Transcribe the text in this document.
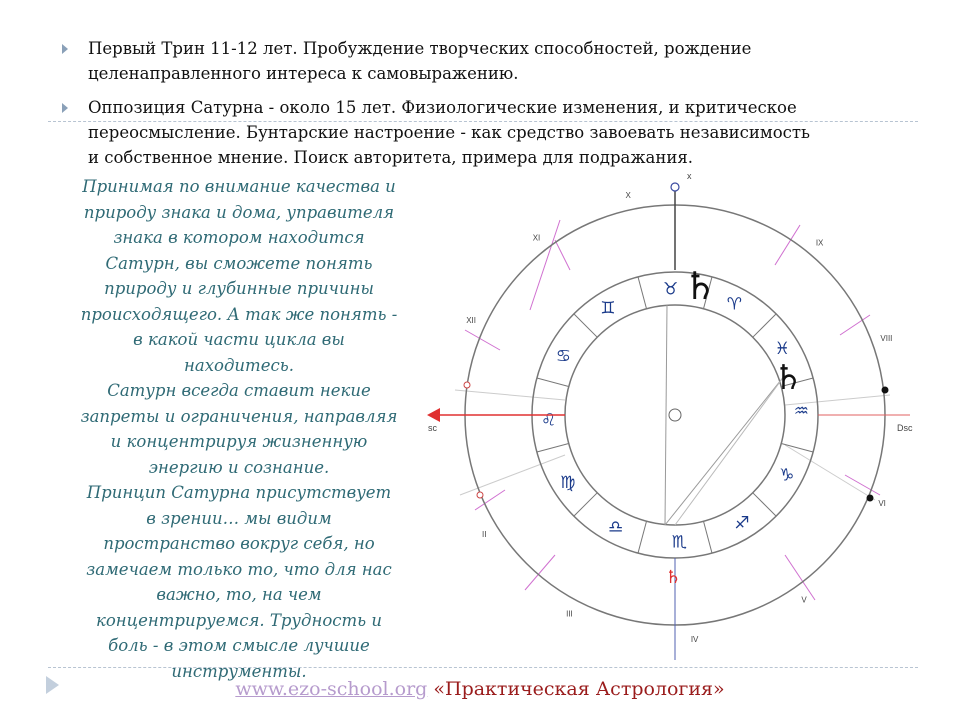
Первый Трин 11-12 лет. Пробуждение творческих способностей, рождение
целенаправленного интереса к самовыражению.
Оппозиция Сатурна - около 15 лет. Физиологические изменения, и критическое
переосмысление. Бунтарские настроение - как средство завоевать независимость
и собственное мнение. Поиск авторитета, примера для подражания.
Принимая по внимание качества и
природу знака и дома, управителя
знака в котором находится
Сатурн, вы сможете понять
природу и глубинные причины
происходящего. А так же понять -
в какой части цикла вы
находитесь.
Сатурн всегда ставит некие
запреты и ограничения, направляя
и концентрируя жизненную
энергию и сознание.
Принцип Сатурна присутствует
в зрении… мы видим
пространство вокруг себя, но
замечаем только то, что для нас
важно, то, на чем
концентрируемся. Трудность и
боль - в этом смысле лучшие
инструменты.
♉
♈
♓
♒
♑
♐
♏
♎
♍
♌
♋
♊
x
sc	Dsc
♄
♄
♄
IX
VIII
VI
V
IV
III
II
XII
XI
X
www.ezo-school.org «Практическая Астрология»
